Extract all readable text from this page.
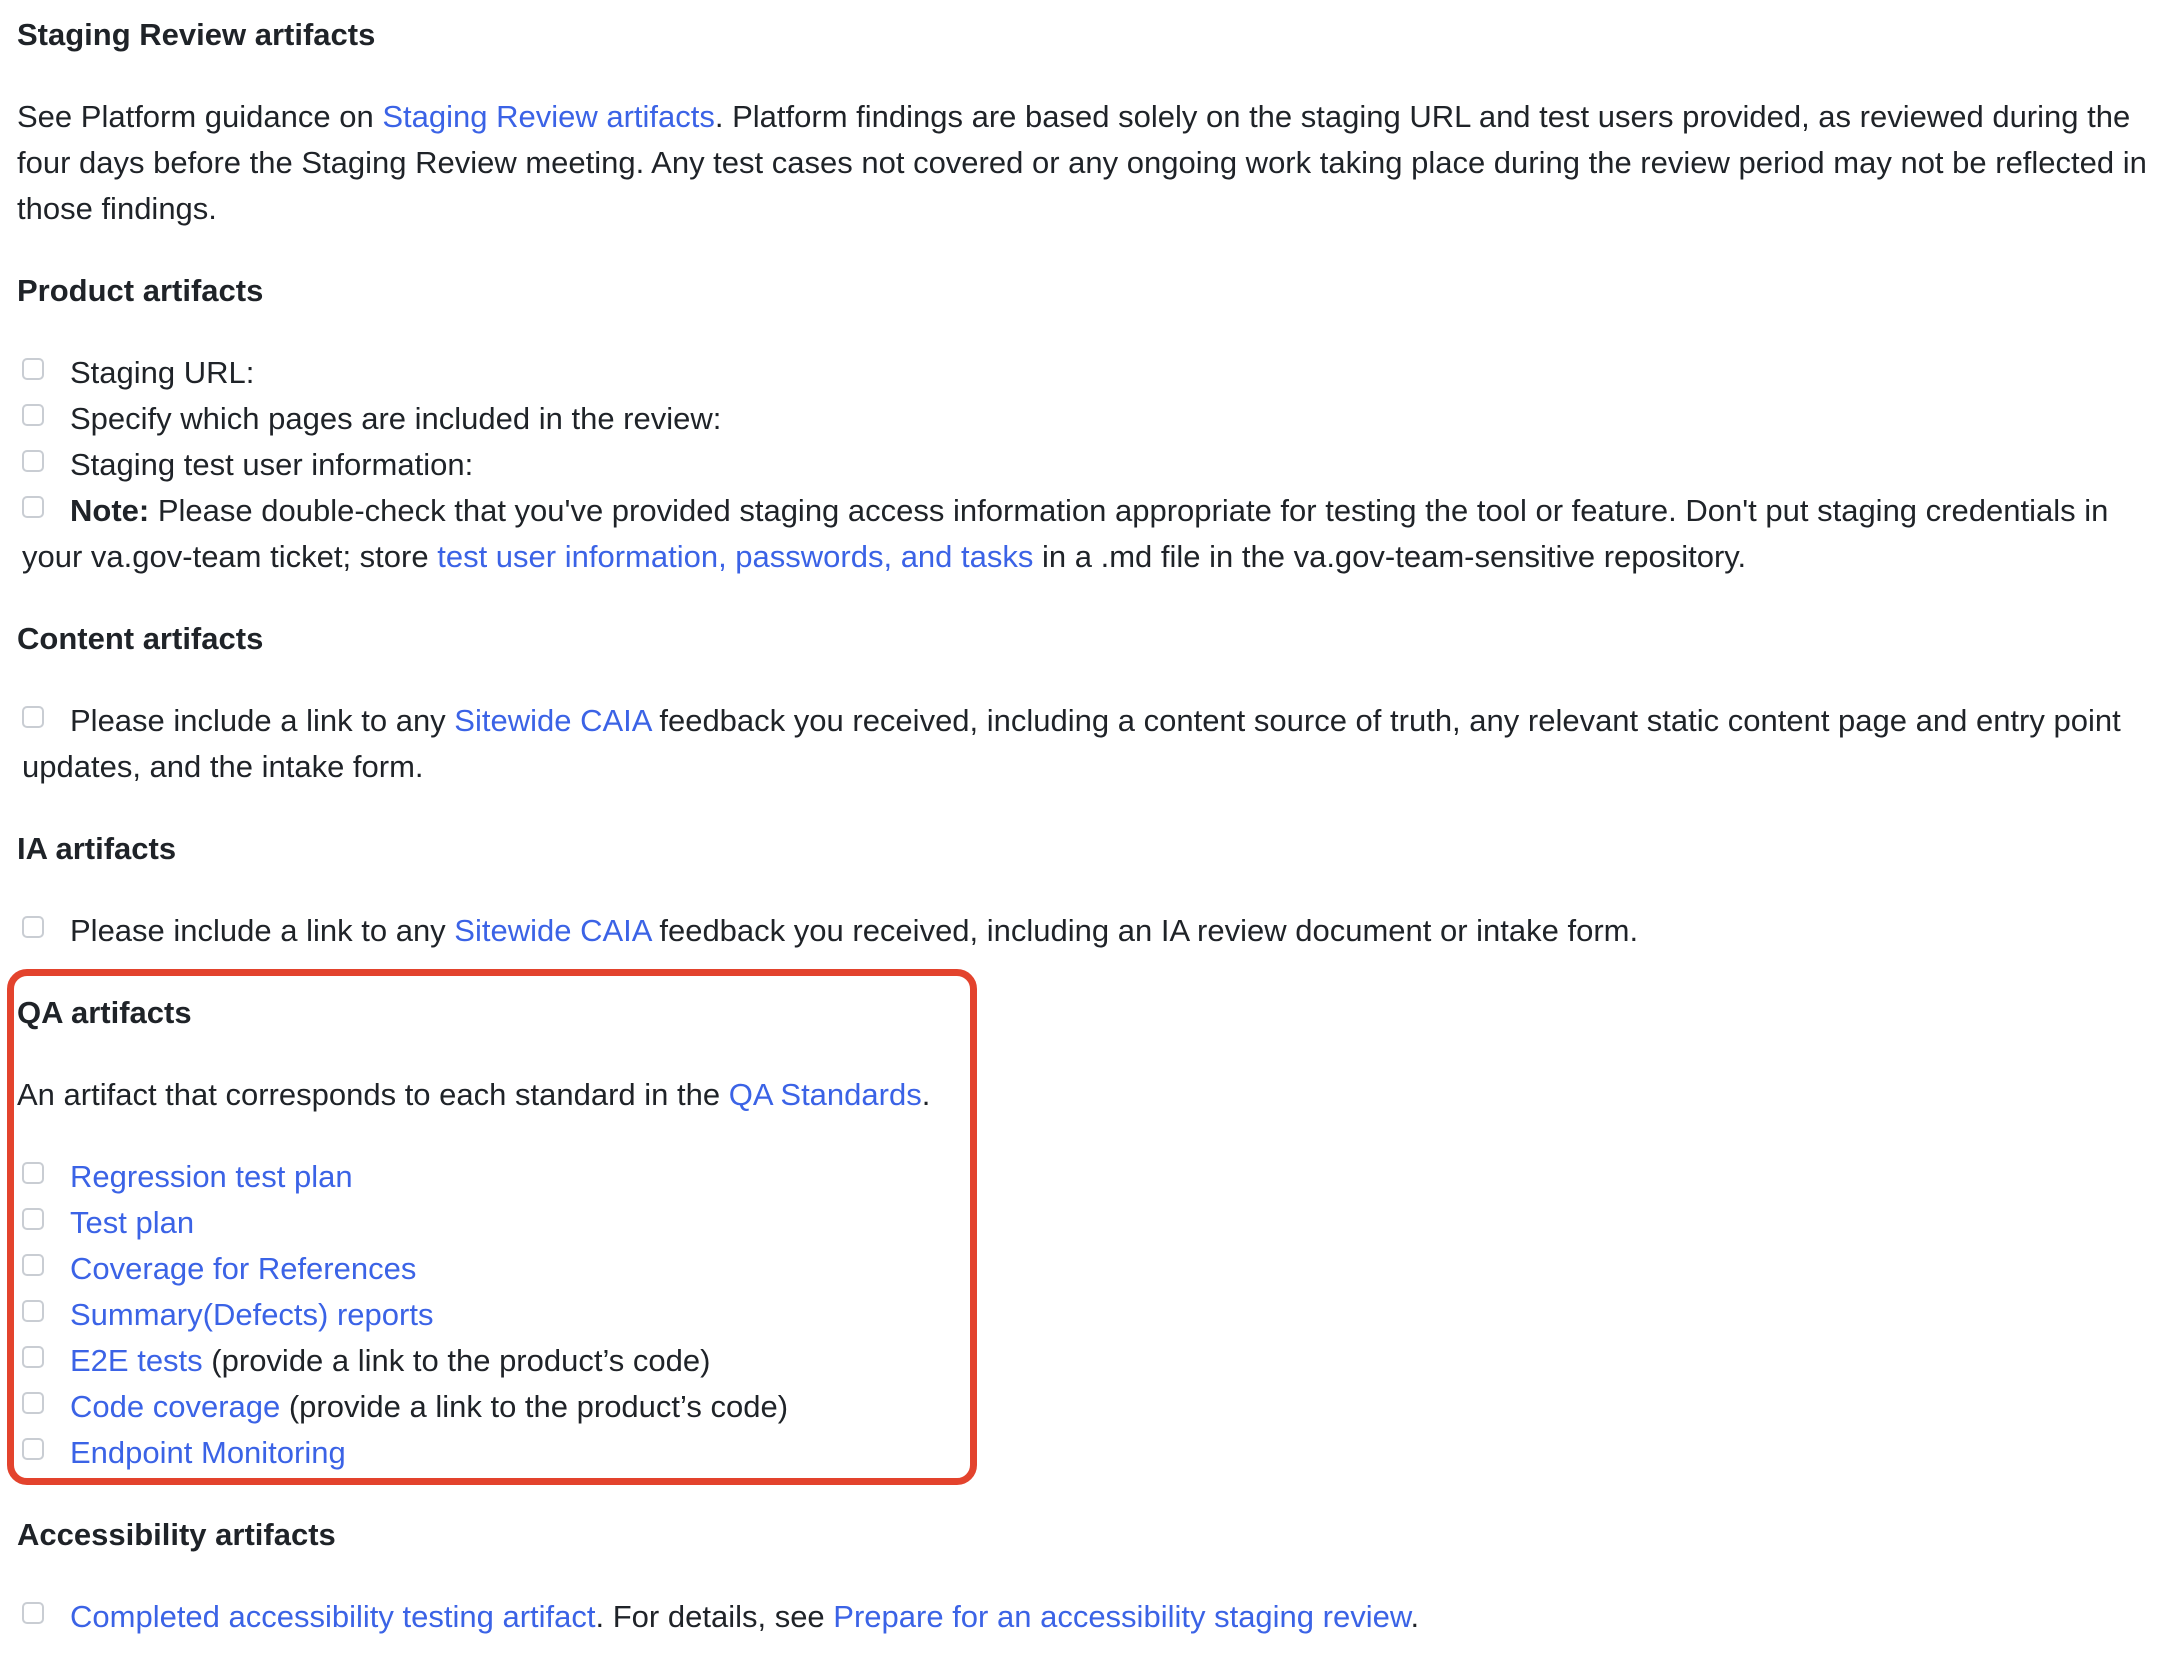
Staging Review artifacts

See Platform guidance on Staging Review artifacts. Platform findings are based solely on the staging URL and test users provided, as reviewed during the four days before the Staging Review meeting. Any test cases not covered or any ongoing work taking place during the review period may not be reflected in those findings.

Product artifacts
Staging URL:
Specify which pages are included in the review:
Staging test user information:
Note: Please double-check that you've provided staging access information appropriate for testing the tool or feature. Don't put staging credentials in your va.gov-team ticket; store test user information, passwords, and tasks in a .md file in the va.gov-team-sensitive repository.
Content artifacts
Please include a link to any Sitewide CAIA feedback you received, including a content source of truth, any relevant static content page and entry point updates, and the intake form.
IA artifacts
Please include a link to any Sitewide CAIA feedback you received, including an IA review document or intake form.
QA artifacts

An artifact that corresponds to each standard in the QA Standards.

Regression test plan
Test plan
Coverage for References
Summary(Defects) reports
E2E tests (provide a link to the product’s code)
Code coverage (provide a link to the product’s code)
Endpoint Monitoring
Accessibility artifacts
Completed accessibility testing artifact. For details, see Prepare for an accessibility staging review.
